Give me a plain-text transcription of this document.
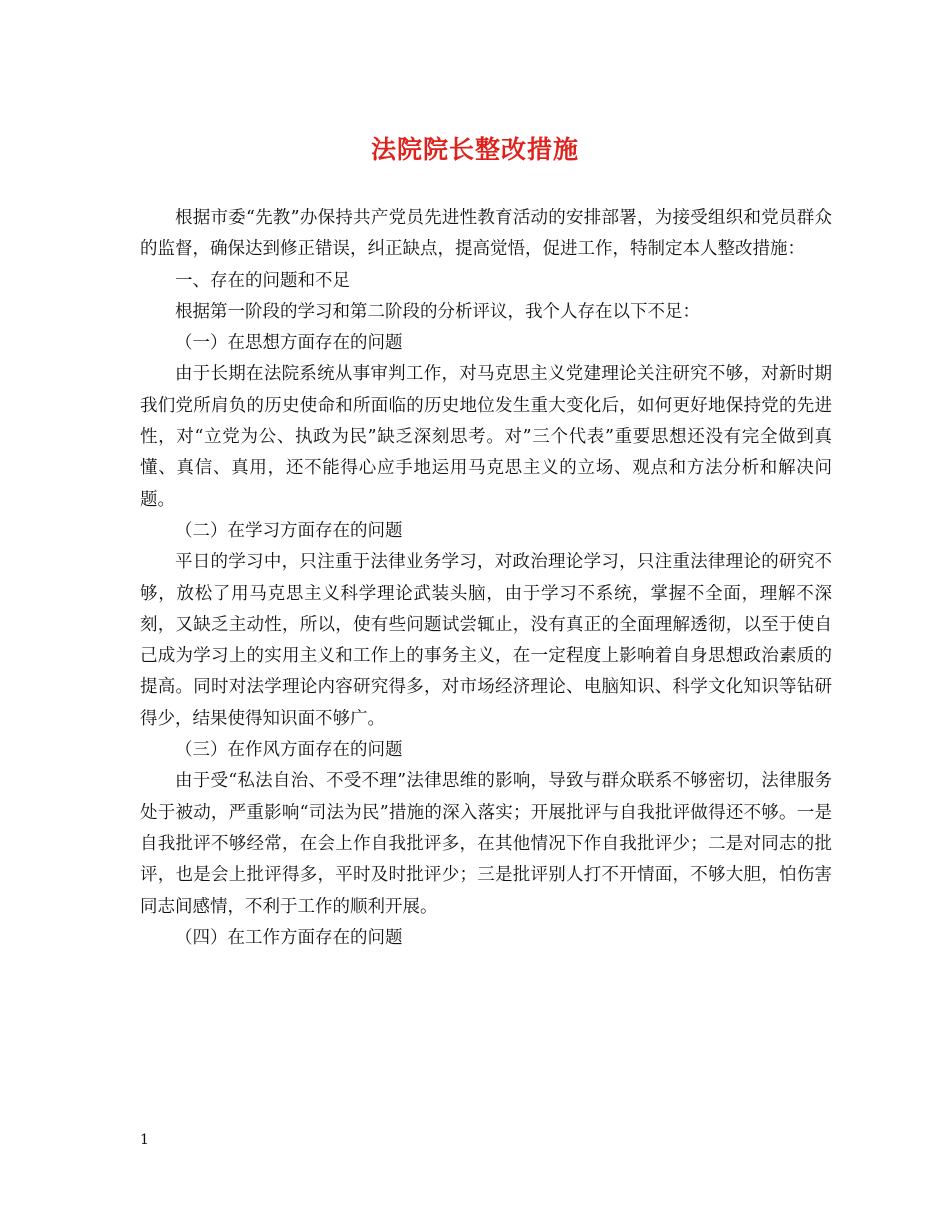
法院院长整改措施

根据市委“先教”办保持共产党员先进性教育活动的安排部署，为接受组织和党员群众的监督，确保达到修正错误，纠正缺点，提高觉悟，促进工作，特制定本人整改措施：

一、存在的问题和不足

根据第一阶段的学习和第二阶段的分析评议，我个人存在以下不足：

（一）在思想方面存在的问题

由于长期在法院系统从事审判工作，对马克思主义党建理论关注研究不够，对新时期我们党所肩负的历史使命和所面临的历史地位发生重大变化后，如何更好地保持党的先进性，对“立党为公、执政为民”缺乏深刻思考。对”三个代表”重要思想还没有完全做到真懂、真信、真用，还不能得心应手地运用马克思主义的立场、观点和方法分析和解决问题。

（二）在学习方面存在的问题

平日的学习中，只注重于法律业务学习，对政治理论学习，只注重法律理论的研究不够，放松了用马克思主义科学理论武装头脑，由于学习不系统，掌握不全面，理解不深刻，又缺乏主动性，所以，使有些问题试尝辄止，没有真正的全面理解透彻，以至于使自己成为学习上的实用主义和工作上的事务主义，在一定程度上影响着自身思想政治素质的提高。同时对法学理论内容研究得多，对市场经济理论、电脑知识、科学文化知识等钻研得少，结果使得知识面不够广。

（三）在作风方面存在的问题

由于受“私法自治、不受不理”法律思维的影响，导致与群众联系不够密切，法律服务处于被动，严重影响“司法为民”措施的深入落实；开展批评与自我批评做得还不够。一是自我批评不够经常，在会上作自我批评多，在其他情况下作自我批评少；二是对同志的批评，也是会上批评得多，平时及时批评少；三是批评别人打不开情面，不够大胆，怕伤害同志间感情，不利于工作的顺利开展。

（四）在工作方面存在的问题

1
